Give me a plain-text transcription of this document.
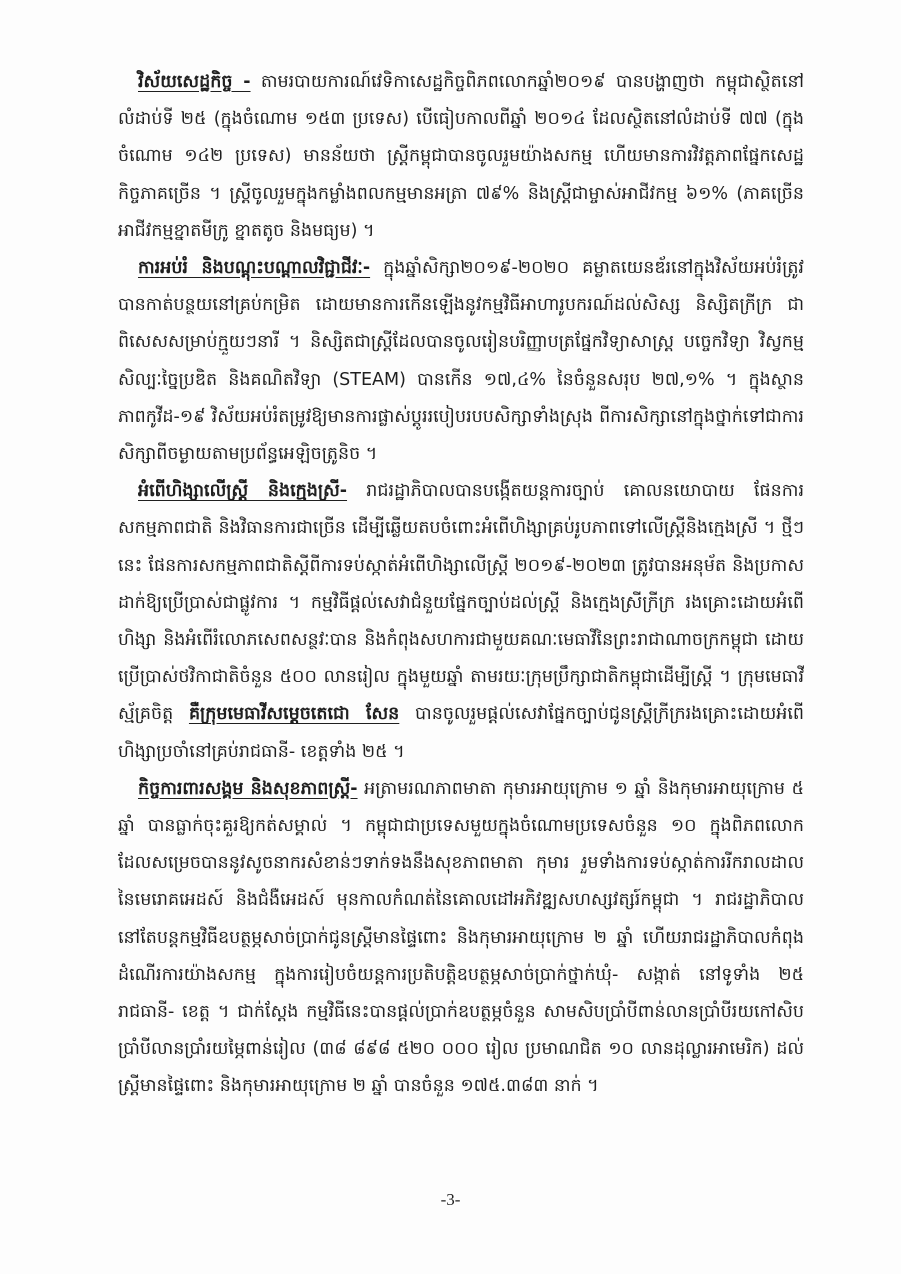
វិស័យសេដ្ឋកិច្ច - តាមរបាយការណ៍វេទិកាសេដ្ឋកិច្ចពិភពលោកឆ្នាំ២០១៩ បានបង្ហាញថា កម្ពុជាស្ថិតនៅលំដាប់ទី ២៥ (ក្នុងចំណោម ១៥៣ ប្រទេស) បើធៀបកាលពីឆ្នាំ ២០១៤ ដែលស្ថិតនៅលំដាប់ទី ៧៧ (ក្នុងចំណោម ១៤២ ប្រទេស) មានន័យថា ស្ត្រីកម្ពុជាបានចូលរួមយ៉ាងសកម្ម ហើយមានការវិវត្តភាពផ្នែកសេដ្ឋកិច្ចភាគច្រើន ។ ស្ត្រីចូលរួមក្នុងកម្លាំងពលកម្មមានអត្រា ៧៩% និងស្ត្រីជាម្ចាស់អាជីវកម្ម ៦១% (ភាគច្រើនអាជីវកម្មខ្នាតមីក្រូ ខ្នាតតូច និងមធ្យម) ។

ការអប់រំ និងបណ្តុះបណ្តាលវិជ្ជាជីវៈ- ក្នុងឆ្នាំសិក្សា២០១៩-២០២០ គម្លាតយេនឌ័រនៅក្នុងវិស័យអប់រំត្រូវបានកាត់បន្ថយនៅគ្រប់កម្រិត ដោយមានការកើនឡើងនូវកម្មវិធីអាហារូបករណ៍ដល់សិស្ស និស្សិតក្រីក្រ ជាពិសេសសម្រាប់ក្មួយៗនារី ។ និស្សិតជាស្ត្រីដែលបានចូលរៀនបរិញ្ញាបត្រផ្នែកវិទ្យាសាស្ត្រ បច្ចេកវិទ្យា វិស្វកម្ម សិល្បៈច្នៃប្រឌិត និងគណិតវិទ្យា (STEAM) បានកើន ១៧,៤% នៃចំនួនសរុប ២៧,១% ។ ក្នុងស្ថានភាពកូវីដ-១៩ វិស័យអប់រំតម្រូវឱ្យមានការផ្លាស់ប្តូររបៀបរបបសិក្សាទាំងស្រុង ពីការសិក្សានៅក្នុងថ្នាក់ទៅជាការសិក្សាពីចម្ងាយតាមប្រព័ន្ធអេឡិចត្រូនិច ។

អំពើហិង្សាលើស្ត្រី និងក្មេងស្រី- រាជរដ្ឋាភិបាលបានបង្កើតយន្តការច្បាប់ គោលនយោបាយ ផែនការសកម្មភាពជាតិ និងវិធានការជាច្រើន ដើម្បីឆ្លើយតបចំពោះអំពើហិង្សាគ្រប់រូបភាពទៅលើស្ត្រីនិងក្មេងស្រី ។ ថ្មីៗនេះ ផែនការសកម្មភាពជាតិស្តីពីការទប់ស្កាត់អំពើហិង្សាលើស្ត្រី ២០១៩-២០២៣ ត្រូវបានអនុម័ត និងប្រកាសដាក់ឱ្យប្រើប្រាស់ជាផ្លូវការ ។ កម្មវិធីផ្តល់សេវាជំនួយផ្នែកច្បាប់ដល់ស្ត្រី និងក្មេងស្រីក្រីក្រ រងគ្រោះដោយអំពើហិង្សា និងអំពើរំលោភសេពសន្ថវៈបាន និងកំពុងសហការជាមួយគណៈមេធាវីនៃព្រះរាជាណាចក្រកម្ពុជា ដោយប្រើប្រាស់ថវិកាជាតិចំនួន ៥០០ លានរៀល ក្នុងមួយឆ្នាំ តាមរយៈក្រុមប្រឹក្សាជាតិកម្ពុជាដើម្បីស្ត្រី ។ ក្រុមមេធាវីស្ម័គ្រចិត្ត គឺក្រុមមេធាវីសម្តេចតេជោ សែន បានចូលរួមផ្តល់សេវាផ្នែកច្បាប់ជូនស្ត្រីក្រីក្ររងគ្រោះដោយអំពើហិង្សាប្រចាំនៅគ្រប់រាជធានី- ខេត្តទាំង ២៥ ។

កិច្ចការពារសង្គម និងសុខភាពស្ត្រី- អត្រាមរណភាពមាតា កុមារអាយុក្រោម ១ ឆ្នាំ និងកុមារអាយុក្រោម ៥ ឆ្នាំ បានធ្លាក់ចុះគួរឱ្យកត់សម្គាល់ ។ កម្ពុជាជាប្រទេសមួយក្នុងចំណោមប្រទេសចំនួន ១០ ក្នុងពិភពលោក ដែលសម្រេចបាននូវសូចនាករសំខាន់ៗទាក់ទងនឹងសុខភាពមាតា កុមារ រួមទាំងការទប់ស្កាត់ការរីករាលដាលនៃមេរោគអេដស៍ និងជំងឺអេដស៍ មុនកាលកំណត់នៃគោលដៅអភិវឌ្ឍសហស្សវត្សរ៍កម្ពុជា ។ រាជរដ្ឋាភិបាលនៅតែបន្តកម្មវិធីឧបត្ថម្ភសាច់ប្រាក់ជូនស្ត្រីមានផ្ទៃពោះ និងកុមារអាយុក្រោម ២ ឆ្នាំ ហើយរាជរដ្ឋាភិបាលកំពុងដំណើរការយ៉ាងសកម្ម ក្នុងការរៀបចំយន្តការប្រតិបត្តិឧបត្ថម្ភសាច់ប្រាក់ថ្នាក់ឃុំ- សង្កាត់ នៅទូទាំង ២៥ រាជធានី- ខេត្ត ។ ជាក់ស្តែង កម្មវិធីនេះបានផ្តល់ប្រាក់ឧបត្ថម្ភចំនួន សាមសិបប្រាំបីពាន់លានប្រាំបីរយកៅសិបប្រាំបីលានប្រាំរយម្ភៃពាន់រៀល (៣៨ ៨៩៨ ៥២០ ០០០ រៀល ប្រមាណជិត ១០ លានដុល្លារអាមេរិក) ដល់ស្ត្រីមានផ្ទៃពោះ និងកុមារអាយុក្រោម ២ ឆ្នាំ បានចំនួន ១៧៥.៣៨៣ នាក់ ។

-3-
